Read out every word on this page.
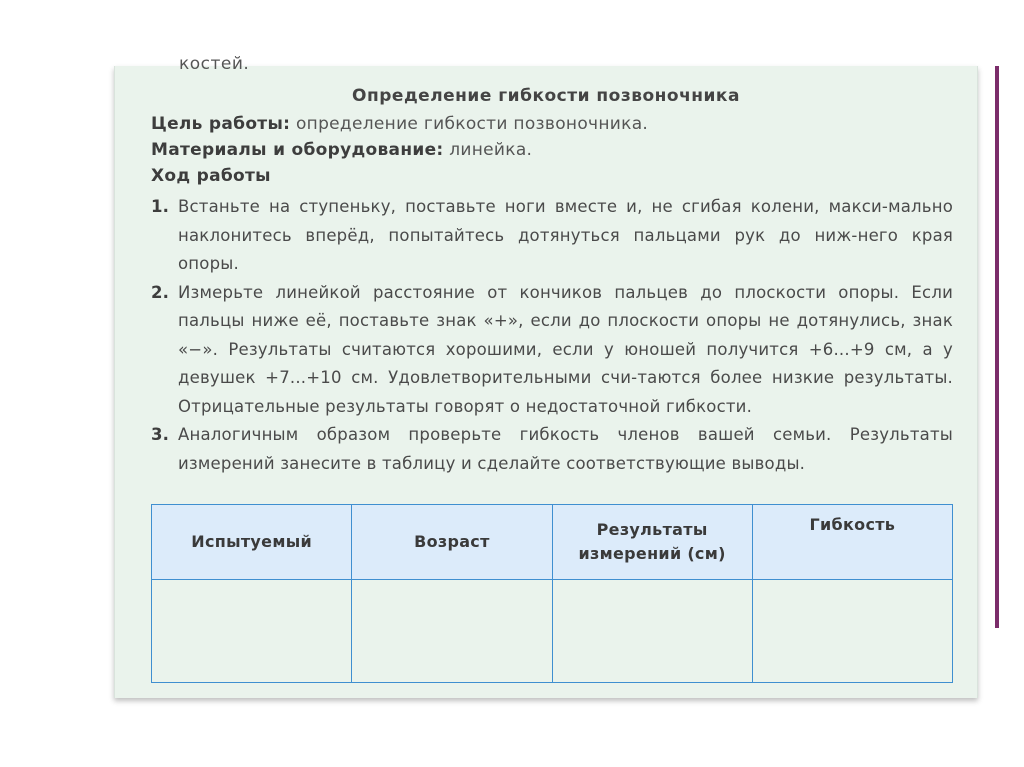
костей.
Определение гибкости позвоночника
Цель работы: определение гибкости позвоночника.
Материалы и оборудование: линейка.
Ход работы
1. Встаньте на ступеньку, поставьте ноги вместе и, не сгибая колени, макси-мально наклонитесь вперёд, попытайтесь дотянуться пальцами рук до ниж-него края опоры.
2. Измерьте линейкой расстояние от кончиков пальцев до плоскости опоры. Если пальцы ниже её, поставьте знак «+», если до плоскости опоры не дотянулись, знак «−». Результаты считаются хорошими, если у юношей получится +6...+9 см, а у девушек +7...+10 см. Удовлетворительными счи-таются более низкие результаты. Отрицательные результаты говорят о недостаточной гибкости.
3. Аналогичным образом проверьте гибкость членов вашей семьи. Результаты измерений занесите в таблицу и сделайте соответствующие выводы.
Испытуемый	Возраст	Результаты измерений (см)	Гибкость
